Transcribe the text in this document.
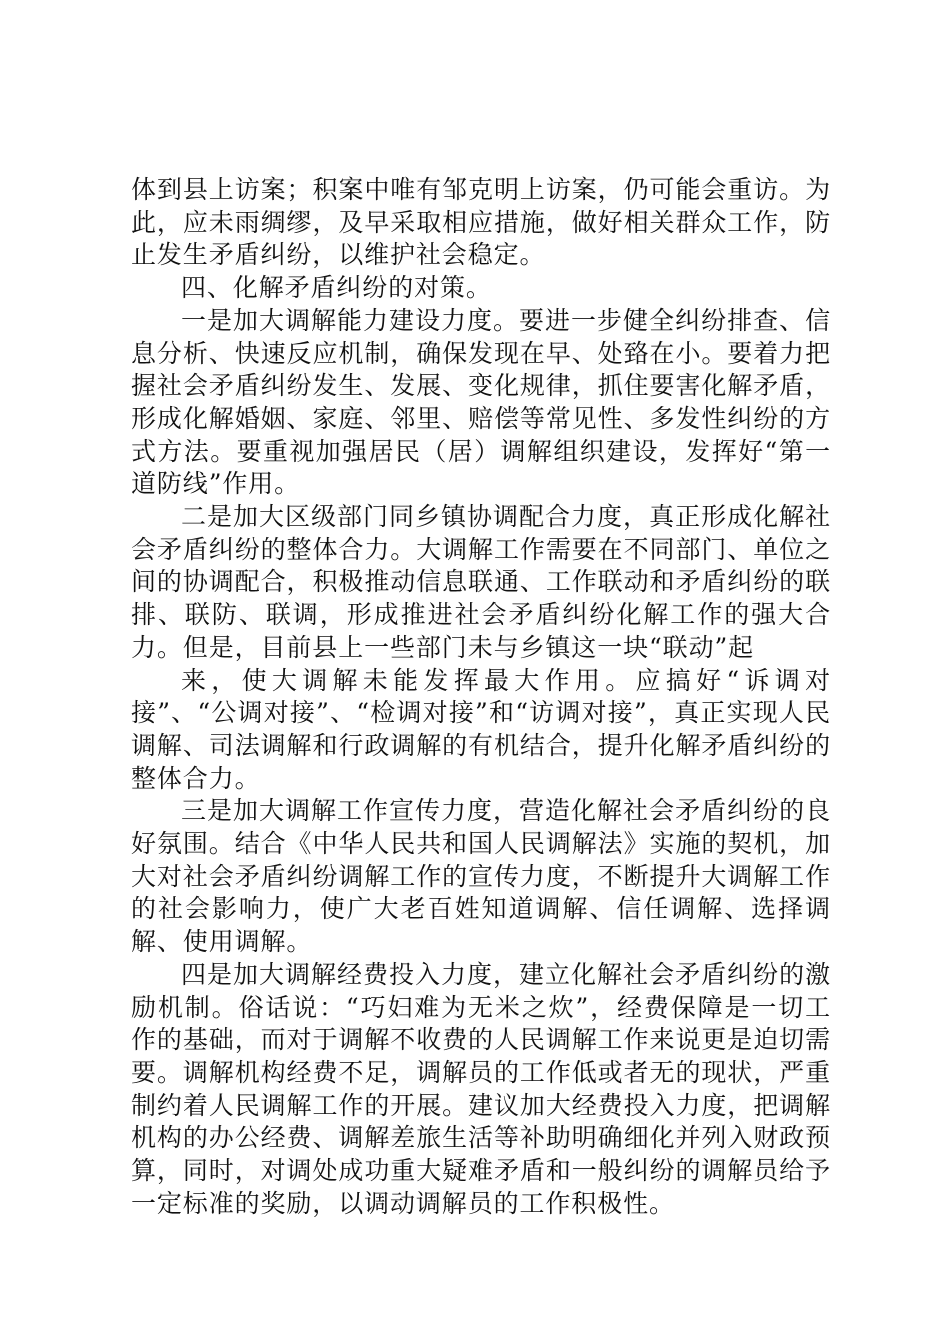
体到县上访案；积案中唯有邹克明上访案，仍可能会重访。为此，应未雨绸缪，及早采取相应措施，做好相关群众工作，防止发生矛盾纠纷，以维护社会稳定。

四、化解矛盾纠纷的对策。

一是加大调解能力建设力度。要进一步健全纠纷排查、信息分析、快速反应机制，确保发现在早、处臵在小。要着力把握社会矛盾纠纷发生、发展、变化规律，抓住要害化解矛盾，形成化解婚姻、家庭、邻里、赔偿等常见性、多发性纠纷的方式方法。要重视加强居民（居）调解组织建设，发挥好“第一道防线”作用。

二是加大区级部门同乡镇协调配合力度，真正形成化解社会矛盾纠纷的整体合力。大调解工作需要在不同部门、单位之间的协调配合，积极推动信息联通、工作联动和矛盾纠纷的联排、联防、联调，形成推进社会矛盾纠纷化解工作的强大合力。但是，目前县上一些部门未与乡镇这一块“联动”起

来，使大调解未能发挥最大作用。应搞好“诉调对接”、“公调对接”、“检调对接”和“访调对接”，真正实现人民调解、司法调解和行政调解的有机结合，提升化解矛盾纠纷的整体合力。

三是加大调解工作宣传力度，营造化解社会矛盾纠纷的良好氛围。结合《中华人民共和国人民调解法》实施的契机，加大对社会矛盾纠纷调解工作的宣传力度，不断提升大调解工作的社会影响力，使广大老百姓知道调解、信任调解、选择调解、使用调解。

四是加大调解经费投入力度，建立化解社会矛盾纠纷的激励机制。俗话说：“巧妇难为无米之炊”，经费保障是一切工作的基础，而对于调解不收费的人民调解工作来说更是迫切需要。调解机构经费不足，调解员的工作低或者无的现状，严重制约着人民调解工作的开展。建议加大经费投入力度，把调解机构的办公经费、调解差旅生活等补助明确细化并列入财政预算，同时，对调处成功重大疑难矛盾和一般纠纷的调解员给予一定标准的奖励，以调动调解员的工作积极性。
